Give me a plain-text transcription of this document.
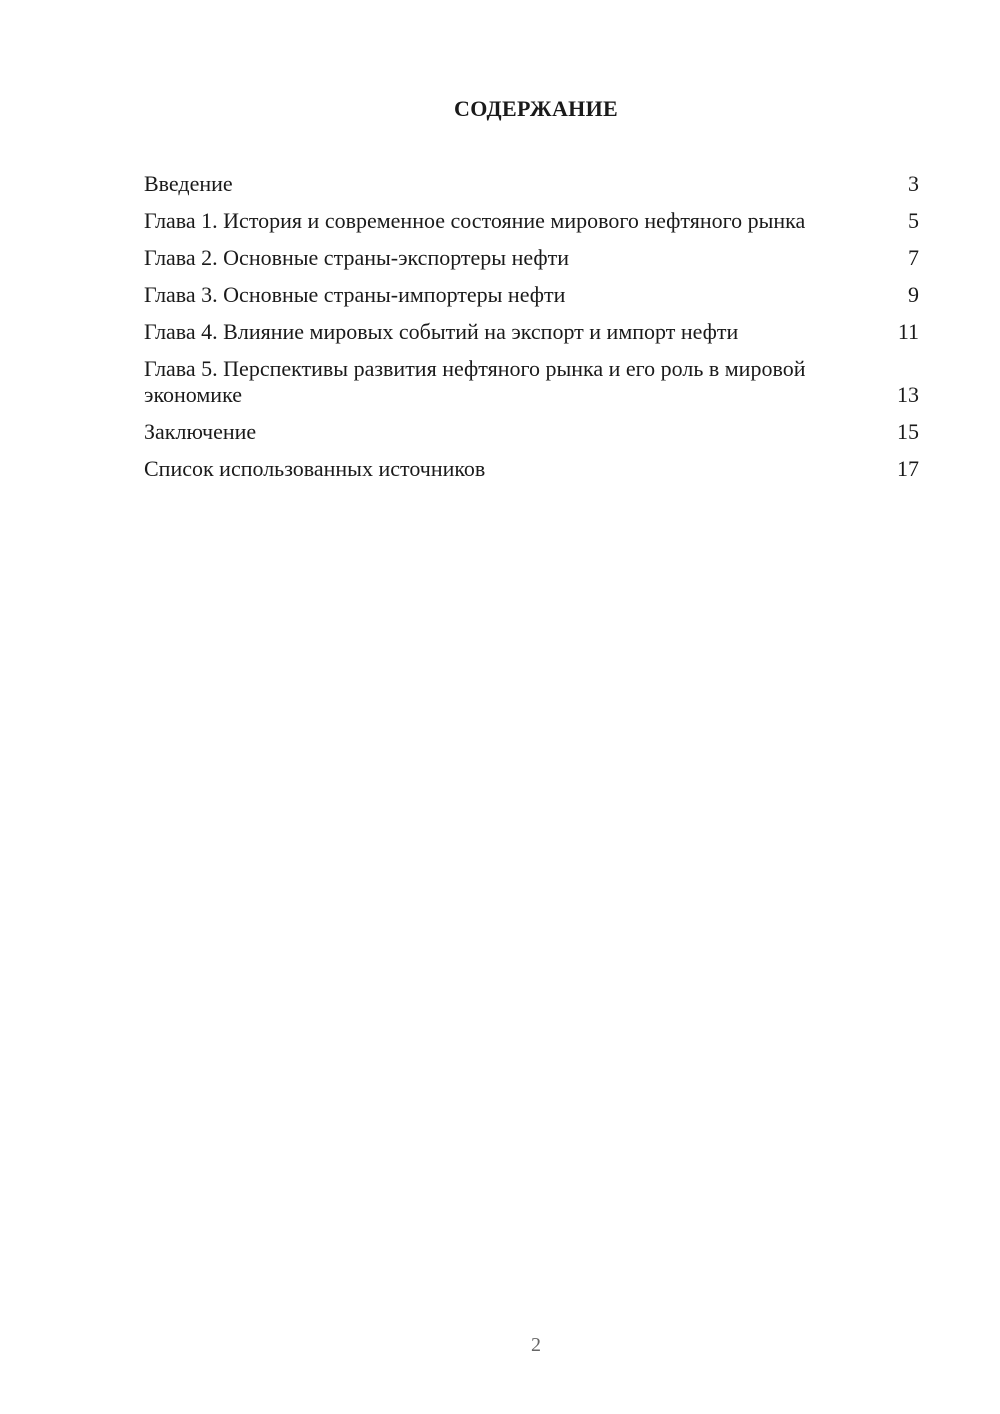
СОДЕРЖАНИЕ
Введение	3
Глава 1. История и современное состояние мирового нефтяного рынка	5
Глава 2. Основные страны-экспортеры нефти	7
Глава 3. Основные страны-импортеры нефти	9
Глава 4. Влияние мировых событий на экспорт и импорт нефти	11
Глава 5. Перспективы развития нефтяного рынка и его роль в мировой экономике	13
Заключение	15
Список использованных источников	17
2
